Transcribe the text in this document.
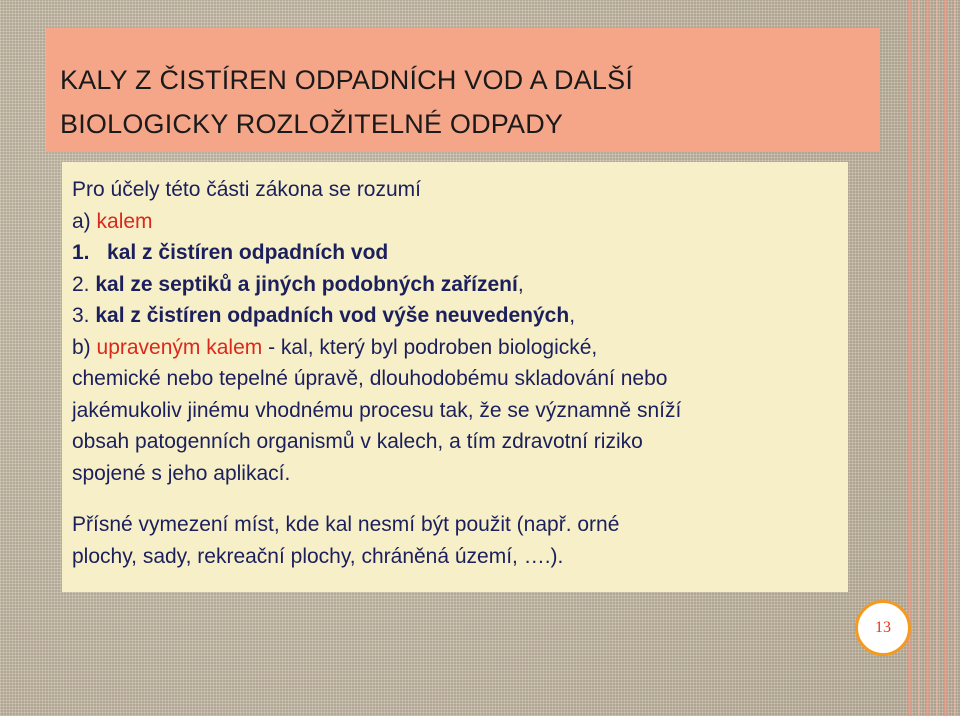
KALY Z ČISTÍREN ODPADNÍCH VOD A DALŠÍ
BIOLOGICKY ROZLOŽITELNÉ ODPADY
Pro účely této části zákona se rozumí
a) kalem
1. kal z čistíren odpadních vod
2. kal ze septiků a jiných podobných zařízení,
3. kal z čistíren odpadních vod výše neuvedených,
b) upraveným kalem - kal, který byl podroben biologické,
chemické nebo tepelné úpravě, dlouhodobému skladování nebo
jakémukoliv jinému vhodnému procesu tak, že se významně sníží
obsah patogenních organismů v kalech, a tím zdravotní riziko
spojené s jeho aplikací.
Přísné vymezení míst, kde kal nesmí být použit (např. orné
plochy, sady, rekreační plochy, chráněná území, ….).
13
